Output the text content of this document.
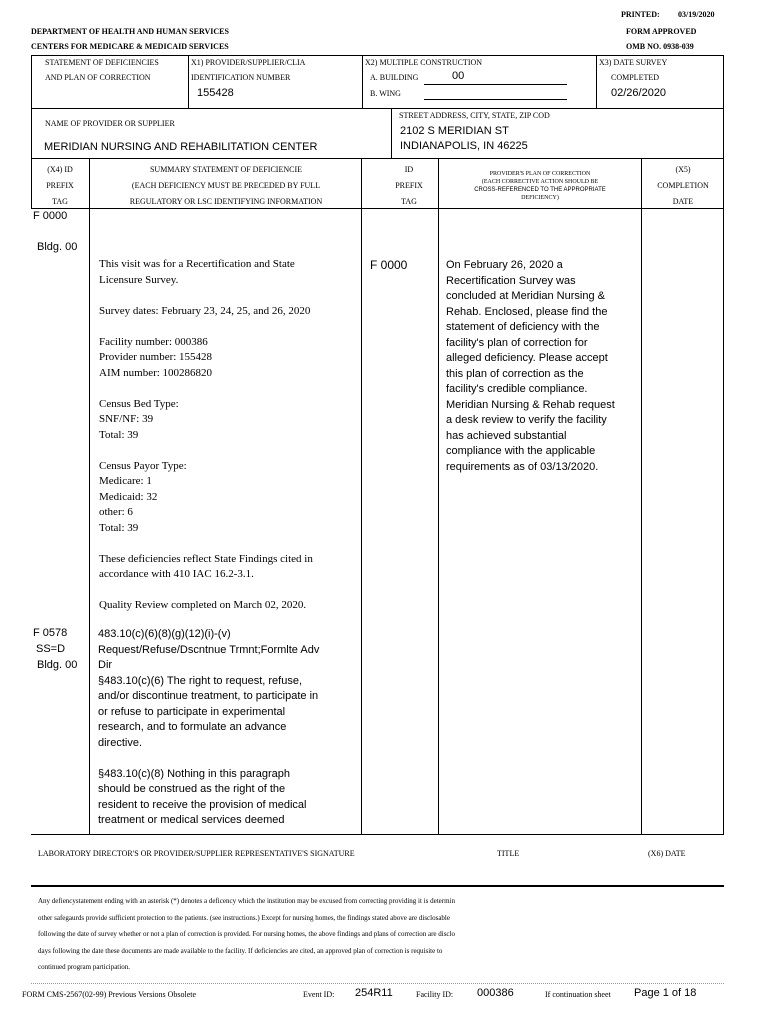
PRINTED: 03/19/2020
DEPARTMENT OF HEALTH AND HUMAN SERVICES	FORM APPROVED
CENTERS FOR MEDICARE & MEDICAID SERVICES	OMB NO. 0938-039
STATEMENT OF DEFICIENCIES
AND PLAN OF CORRECTION
X1) PROVIDER/SUPPLIER/CLIA
IDENTIFICATION NUMBER
155428
X2) MULTIPLE CONSTRUCTION
A. BUILDING	00
B. WING
X3) DATE SURVEY
COMPLETED
02/26/2020
NAME OF PROVIDER OR SUPPLIER
MERIDIAN NURSING AND REHABILITATION CENTER
STREET ADDRESS, CITY, STATE, ZIP COD
2102 S MERIDIAN ST
INDIANAPOLIS, IN 46225
(X4) ID
PREFIX
TAG
SUMMARY STATEMENT OF DEFICIENCIE
(EACH DEFICIENCY MUST BE PRECEDED BY FULL
REGULATORY OR LSC IDENTIFYING INFORMATION
ID
PREFIX
TAG
PROVIDER'S PLAN OF CORRECTION
(EACH CORRECTIVE ACTION SHOULD BE
CROSS-REFERENCED TO THE APPROPRIATE
DEFICIENCY)
(X5)
COMPLETION
DATE
F 0000
Bldg. 00
This visit was for a Recertification and State
Licensure Survey.

Survey dates: February 23, 24, 25, and 26, 2020

Facility number: 000386
Provider number: 155428
AIM number: 100286820

Census Bed Type:
SNF/NF: 39
Total: 39

Census Payor Type:
Medicare: 1
Medicaid: 32
other: 6
Total: 39

These deficiencies reflect State Findings cited in
accordance with 410 IAC 16.2-3.1.

Quality Review completed on March 02, 2020.
F 0000	On February 26, 2020 a
Recertification Survey was
concluded at Meridian Nursing &
Rehab. Enclosed, please find the
statement of deficiency with the
facility's plan of correction for
alleged deficiency. Please accept
this plan of correction as the
facility's credible compliance.
Meridian Nursing & Rehab request
a desk review to verify the facility
has achieved substantial
compliance with the applicable
requirements as of 03/13/2020.
F 0578
SS=D
Bldg. 00
483.10(c)(6)(8)(g)(12)(i)-(v)
Request/Refuse/Dscntnue Trmnt;Formlte Adv
Dir
§483.10(c)(6) The right to request, refuse,
and/or discontinue treatment, to participate in
or refuse to participate in experimental
research, and to formulate an advance
directive.

§483.10(c)(8) Nothing in this paragraph
should be construed as the right of the
resident to receive the provision of medical
treatment or medical services deemed
LABORATORY DIRECTOR'S OR PROVIDER/SUPPLIER REPRESENTATIVE'S SIGNATURE	TITLE	(X6) DATE
Any defiencystatement ending with an asterisk (*) denotes a deficency which the institution may be excused from correcting providing it is determin
other safegaurds provide sufficient protection to the patients. (see instructions.) Except for nursing homes, the findings stated above are disclosable
following the date of survey whether or not a plan of correction is provided. For nursing homes, the above findings and plans of correction are disclo
days following the date these documents are made available to the facility. If deficiencies are cited, an approved plan of correction is requisite to
continued program participation.
FORM CMS-2567(02-99) Previous Versions Obsolete	Event ID: 254R11	Facility ID: 000386	If continuation sheet Page 1 of 18
